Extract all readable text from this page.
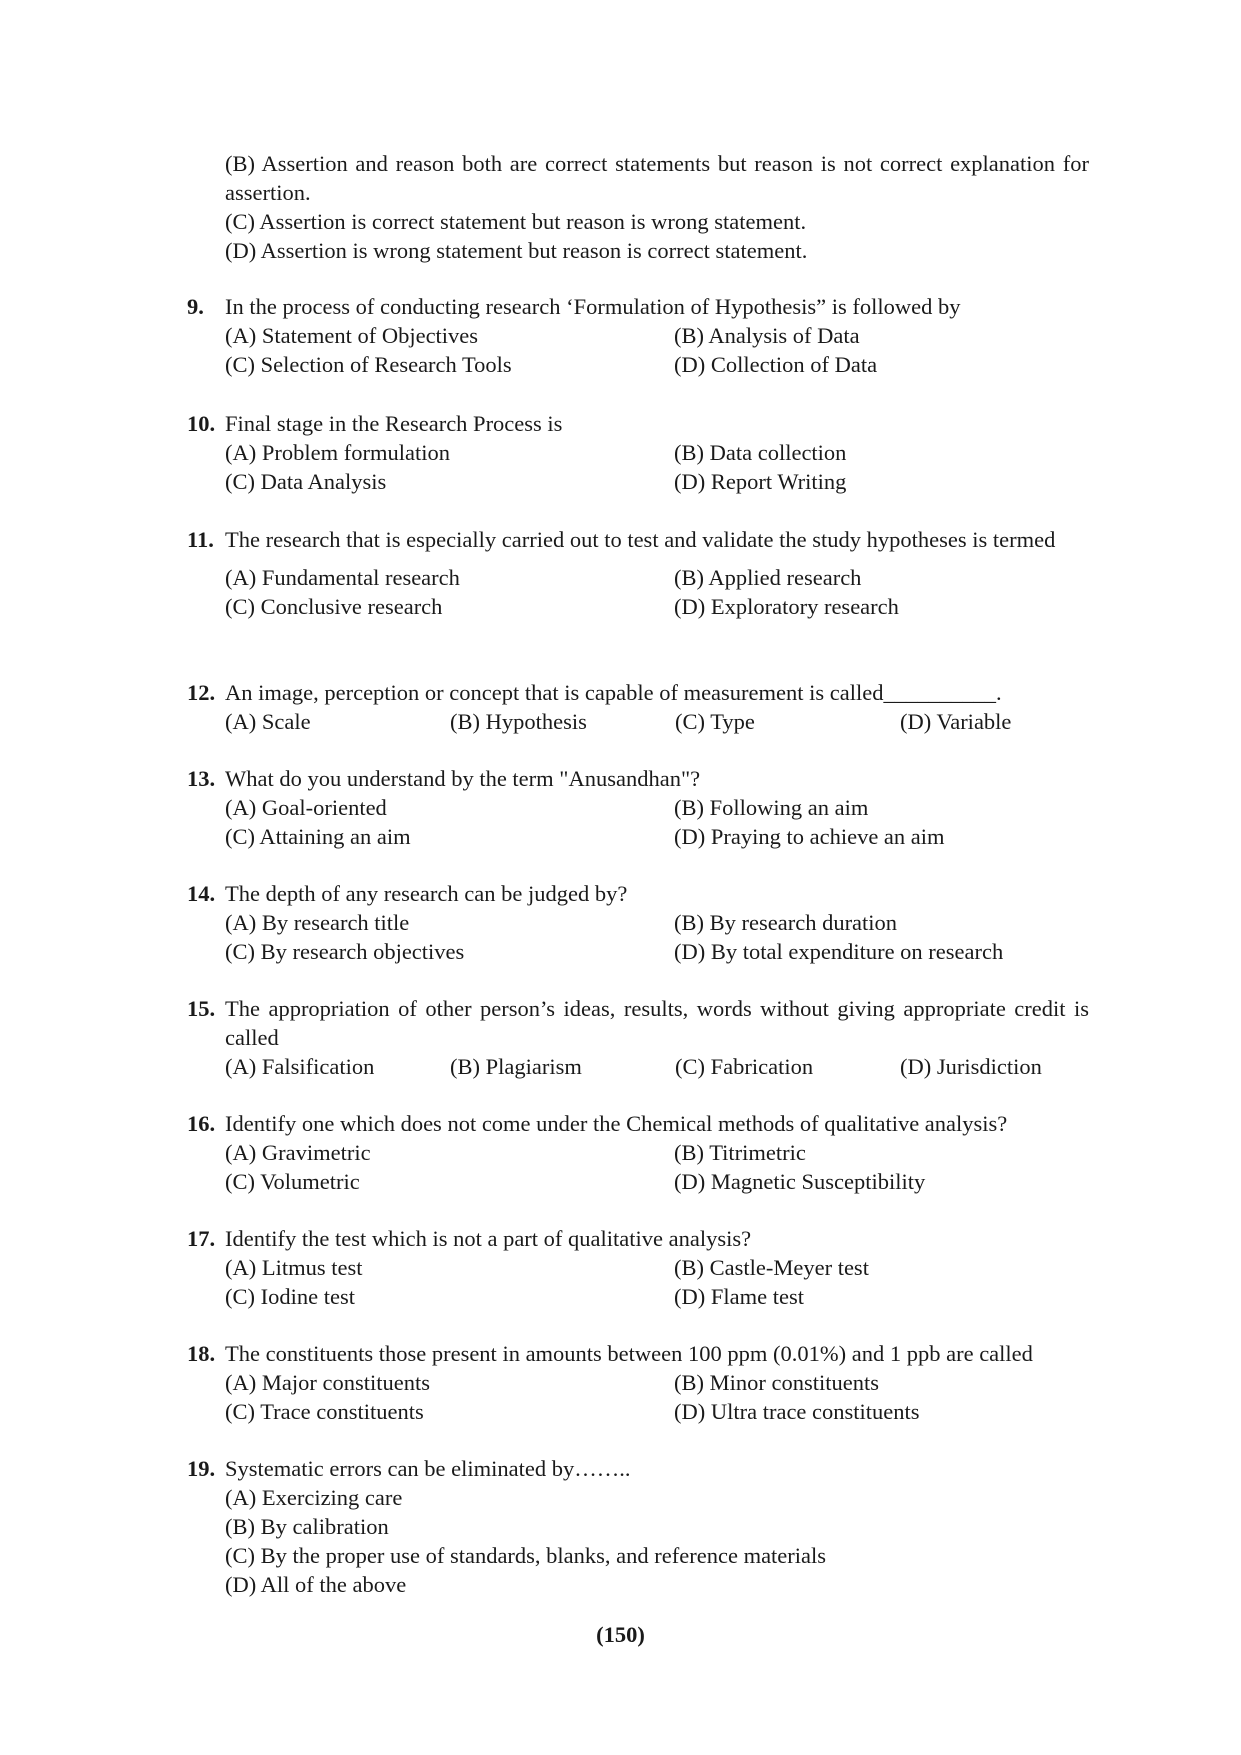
(B) Assertion and reason both are correct statements but reason is not correct explanation for assertion.
(C) Assertion is correct statement but reason is wrong statement.
(D) Assertion is wrong statement but reason is correct statement.
9. In the process of conducting research ‘Formulation of Hypothesis” is followed by
(A) Statement of Objectives	(B) Analysis of Data
(C) Selection of Research Tools	(D) Collection of Data
10. Final stage in the Research Process is
(A) Problem formulation	(B) Data collection
(C) Data Analysis	(D) Report Writing
11. The research that is especially carried out to test and validate the study hypotheses is termed
(A) Fundamental research	(B) Applied research
(C) Conclusive research	(D) Exploratory research
12. An image, perception or concept that is capable of measurement is called__________.
(A) Scale	(B) Hypothesis	(C) Type	(D) Variable
13. What do you understand by the term "Anusandhan"?
(A) Goal-oriented	(B) Following an aim
(C) Attaining an aim	(D) Praying to achieve an aim
14. The depth of any research can be judged by?
(A) By research title	(B) By research duration
(C) By research objectives	(D) By total expenditure on research
15. The appropriation of other person’s ideas, results, words without giving appropriate credit is called
(A) Falsification	(B) Plagiarism	(C) Fabrication	(D) Jurisdiction
16. Identify one which does not come under the Chemical methods of qualitative analysis?
(A) Gravimetric	(B) Titrimetric
(C) Volumetric	(D) Magnetic Susceptibility
17. Identify the test which is not a part of qualitative analysis?
(A) Litmus test	(B) Castle-Meyer test
(C) Iodine test	(D) Flame test
18. The constituents those present in amounts between 100 ppm (0.01%) and 1 ppb are called
(A) Major constituents	(B) Minor constituents
(C) Trace constituents	(D) Ultra trace constituents
19. Systematic errors can be eliminated by……..
(A) Exercizing care
(B) By calibration
(C) By the proper use of standards, blanks, and reference materials
(D) All of the above
(150)
